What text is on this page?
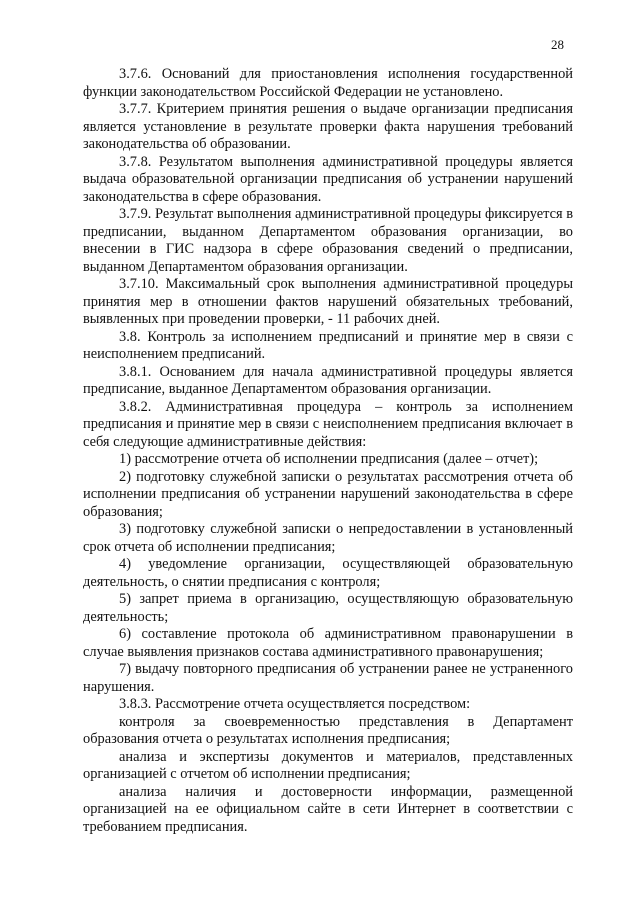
28

3.7.6. Оснований для приостановления исполнения государственной функции законодательством Российской Федерации не установлено.

3.7.7. Критерием принятия решения о выдаче организации предписания является установление в результате проверки факта нарушения требований законодательства об образовании.

3.7.8. Результатом выполнения административной процедуры является выдача образовательной организации предписания об устранении нарушений законодательства в сфере образования.

3.7.9. Результат выполнения административной процедуры фиксируется в предписании, выданном Департаментом образования организации, во внесении в ГИС надзора в сфере образования сведений о предписании, выданном Департаментом образования организации.

3.7.10. Максимальный срок выполнения административной процедуры принятия мер в отношении фактов нарушений обязательных требований, выявленных при проведении проверки, - 11 рабочих дней.

3.8. Контроль за исполнением предписаний и принятие мер в связи с неисполнением предписаний.

3.8.1. Основанием для начала административной процедуры является предписание, выданное Департаментом образования организации.

3.8.2. Административная процедура – контроль за исполнением предписания и принятие мер в связи с неисполнением предписания включает в себя следующие административные действия:

1) рассмотрение отчета об исполнении предписания (далее – отчет);

2) подготовку служебной записки о результатах рассмотрения отчета об исполнении предписания об устранении нарушений законодательства в сфере образования;

3) подготовку служебной записки о непредоставлении в установленный срок отчета об исполнении предписания;

4) уведомление организации, осуществляющей образовательную деятельность, о снятии предписания с контроля;

5) запрет приема в организацию, осуществляющую образовательную деятельность;

6) составление протокола об административном правонарушении в случае выявления признаков состава административного правонарушения;

7) выдачу повторного предписания об устранении ранее не устраненного нарушения.

3.8.3. Рассмотрение отчета осуществляется посредством:

контроля за своевременностью представления в Департамент образования отчета о результатах исполнения предписания;

анализа и экспертизы документов и материалов, представленных организацией с отчетом об исполнении предписания;

анализа наличия и достоверности информации, размещенной организацией на ее официальном сайте в сети Интернет в соответствии с требованием предписания.
